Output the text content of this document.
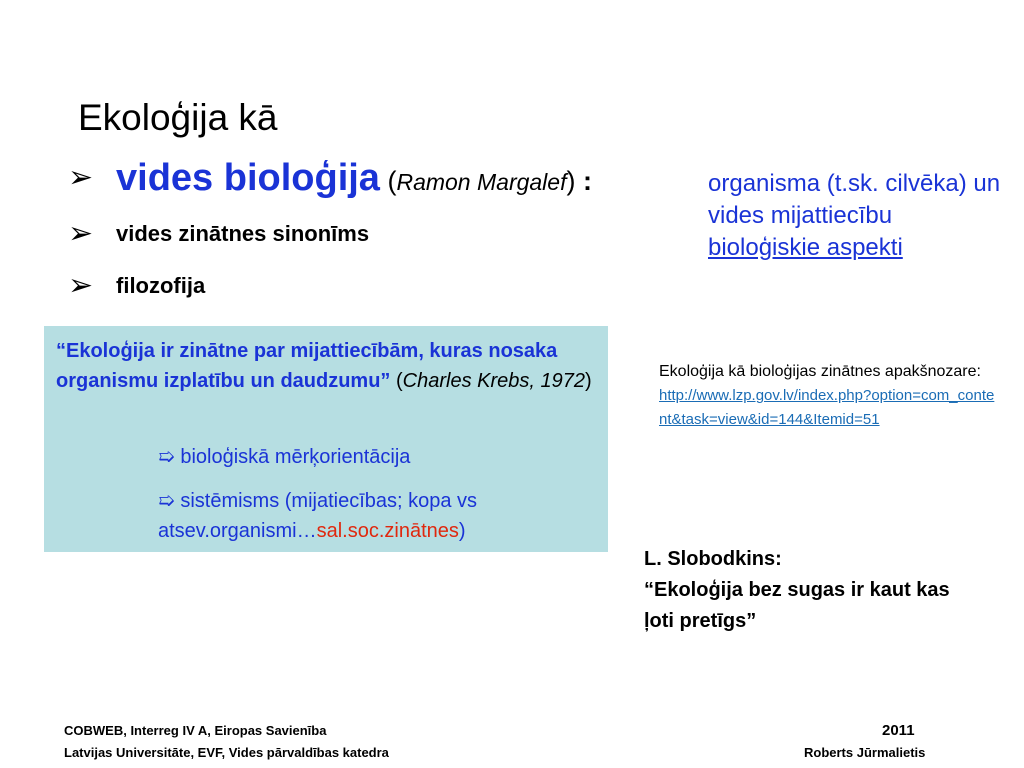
Ekoloģija kā
➢ vides bioloģija (Ramon Margalef) :
➢ vides zinātnes sinonīms
➢ filozofija
organisma (t.sk. cilvēka) un vides mijattiecību
bioloģiskie aspekti
“Ekoloģija ir zinātne par mijattiecībām, kuras nosaka organismu izplatību un daudzumu” (Charles Krebs, 1972)
➯ bioloģiskā mērķorientācija
➯ sistēmisms (mijatiecības; kopa vs atsev.organismi…sal.soc.zinātnes)
Ekoloģija kā bioloģijas zinātnes apakšnozare:
http://www.lzp.gov.lv/index.php?option=com_content&task=view&id=144&Itemid=51
L. Slobodkins:
“Ekoloģija bez sugas ir kaut kas ļoti pretīgs”
COBWEB, Interreg IV A, Eiropas Savienība
Latvijas Universitāte, EVF, Vides pārvaldības katedra
2011
Roberts Jūrmalietis
